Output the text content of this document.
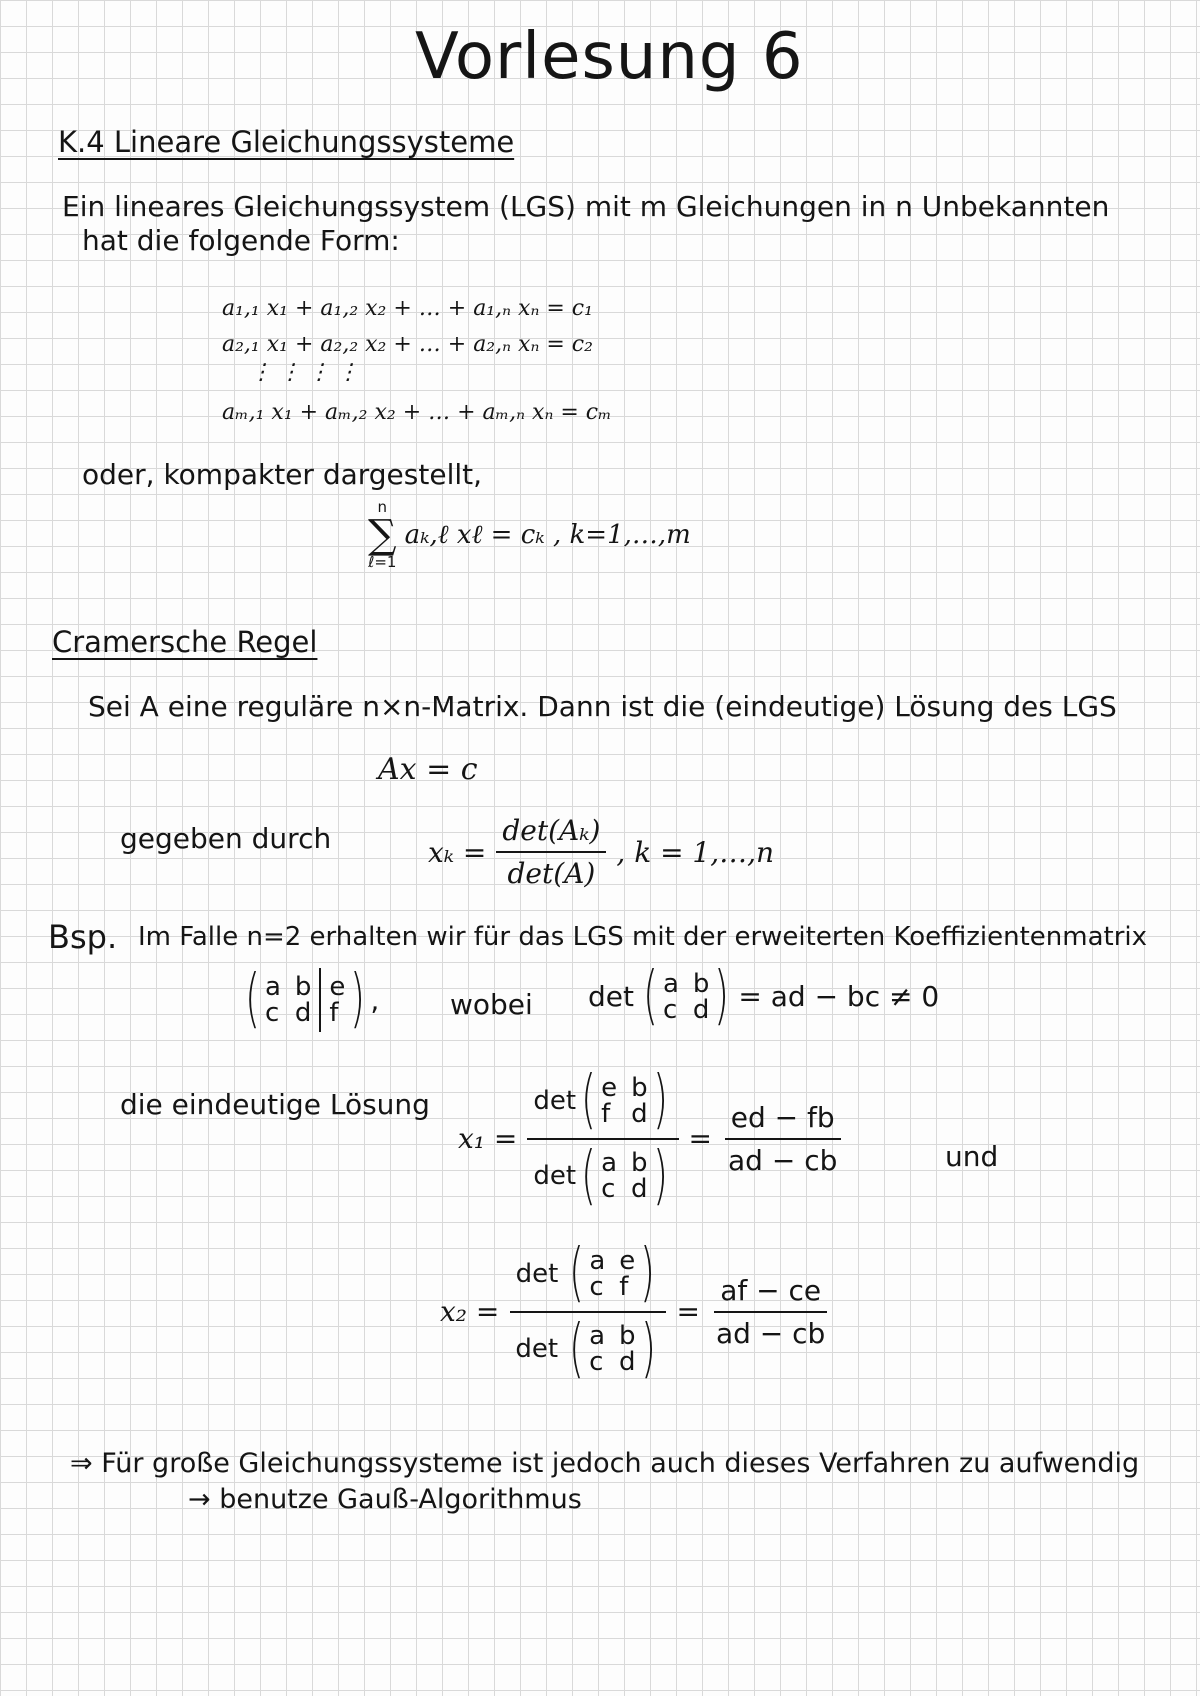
Vorlesung 6
K.4 Lineare Gleichungssysteme
Ein lineares Gleichungssystem (LGS) mit m Gleichungen in n Unbekannten
hat die folgende Form:
a₁,₁ x₁ + a₁,₂ x₂ + … + a₁,ₙ xₙ = c₁
a₂,₁ x₁ + a₂,₂ x₂ + … + a₂,ₙ xₙ = c₂
⋮ ⋮ ⋮ ⋮
aₘ,₁ x₁ + aₘ,₂ x₂ + … + aₘ,ₙ xₙ = cₘ
oder, kompakter dargestellt,
n
∑
ℓ=1
aₖ,ℓ xℓ = cₖ , k=1,…,m
Cramersche Regel
Sei A eine reguläre n×n-Matrix. Dann ist die (eindeutige) Lösung des LGS
Ax = c
gegeben durch	$x_k = \frac{\text{det(Aₖ)}}{\det(A)}$ , k = 1,…,n
Bsp. Im Falle n=2 erhalten wir für das LGS mit der erweiterten Koeffizientenmatrix
( a b
c d
e
f ) ,	wobei det ( a b
c d ) = ad − bc ≠ 0
die eindeutige Lösung
x₁ =
det ( e b
f d )
det ( a b
c d ) = $\frac{ed - fb}{ad - cb}$	und
x₂ =
det ( a e
c f )
det ( a b
c d ) = $\frac{af - ce}{ad - cb}$
⇒ Für große Gleichungssysteme ist jedoch auch dieses Verfahren zu aufwendig
→ benutze Gauß-Algorithmus
